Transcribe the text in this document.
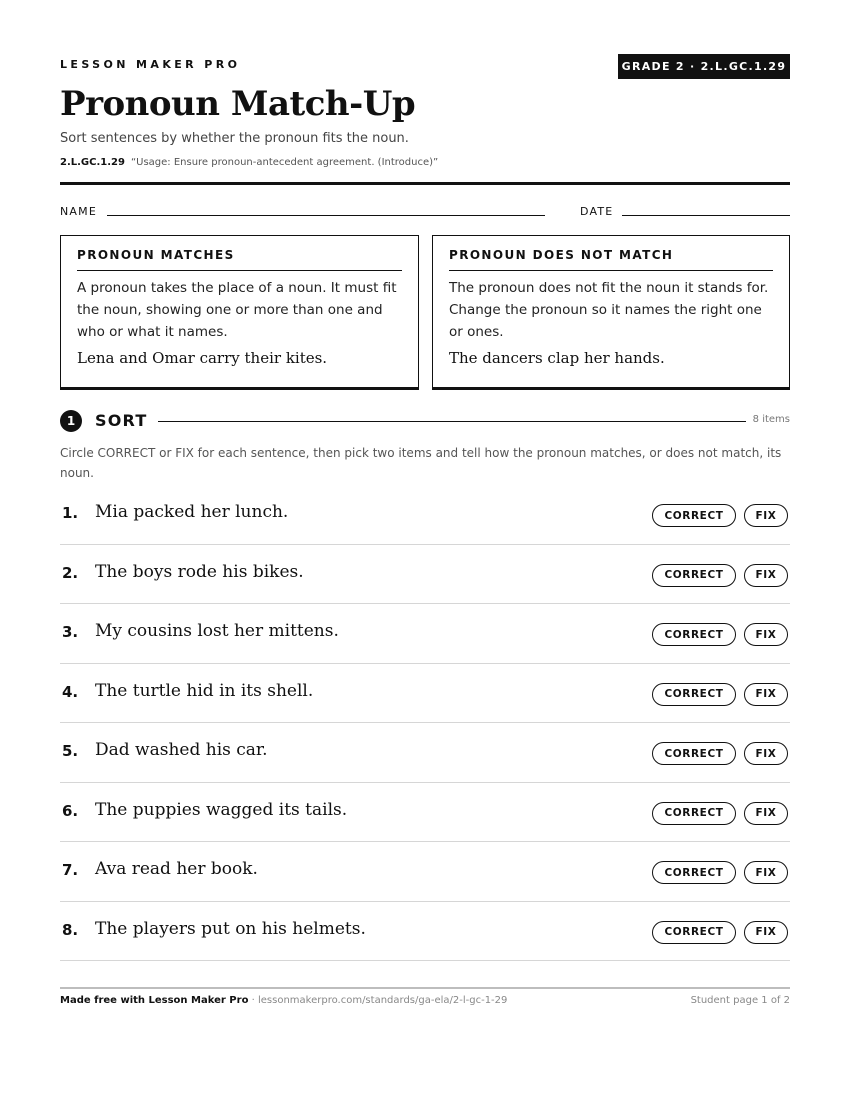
LESSON MAKER PRO	GRADE 2 · 2.L.GC.1.29
Pronoun Match-Up
Sort sentences by whether the pronoun fits the noun.
2.L.GC.1.29 “Usage: Ensure pronoun-antecedent agreement. (Introduce)”
NAME	DATE
PRONOUN MATCHES
A pronoun takes the place of a noun. It must fit the noun, showing one or more than one and who or what it names.
Lena and Omar carry their kites.
PRONOUN DOES NOT MATCH
The pronoun does not fit the noun it stands for. Change the pronoun so it names the right one or ones.
The dancers clap her hands.
1	SORT	8 items
Circle CORRECT or FIX for each sentence, then pick two items and tell how the pronoun matches, or does not match, its noun.
1. Mia packed her lunch.	CORRECT	FIX
2. The boys rode his bikes.	CORRECT	FIX
3. My cousins lost her mittens.	CORRECT	FIX
4. The turtle hid in its shell.	CORRECT	FIX
5. Dad washed his car.	CORRECT	FIX
6. The puppies wagged its tails.	CORRECT	FIX
7. Ava read her book.	CORRECT	FIX
8. The players put on his helmets.	CORRECT	FIX
Made free with Lesson Maker Pro · lessonmakerpro.com/standards/ga-ela/2-l-gc-1-29	Student page 1 of 2
